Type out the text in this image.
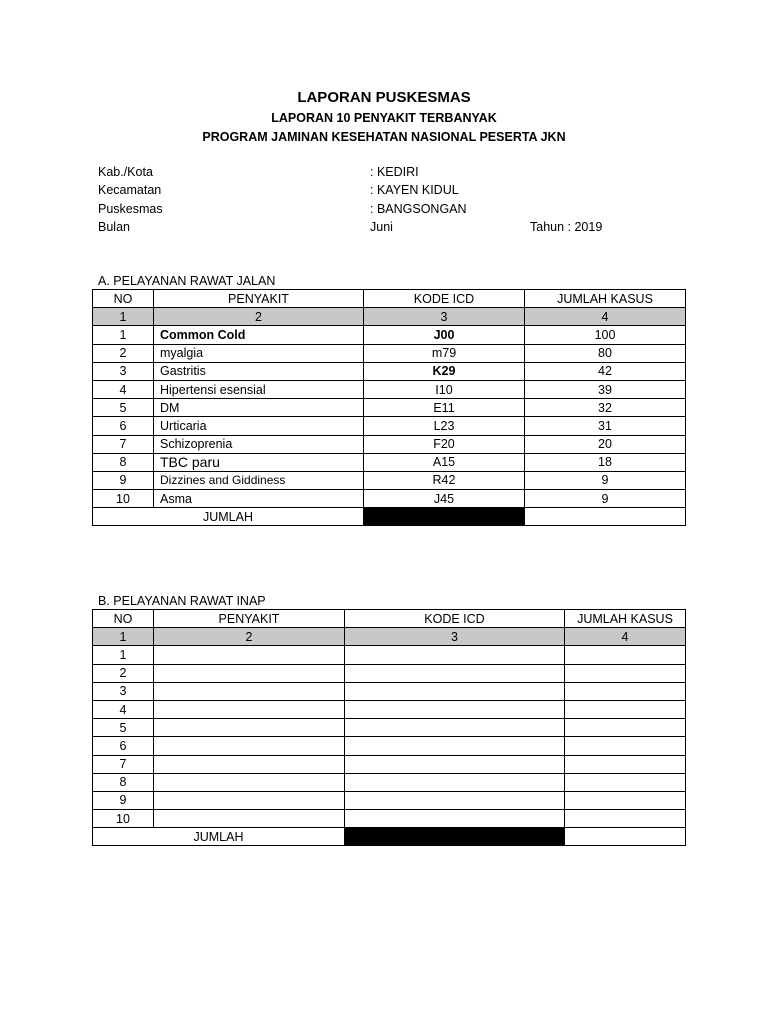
LAPORAN PUSKESMAS
LAPORAN 10 PENYAKIT TERBANYAK
PROGRAM JAMINAN KESEHATAN NASIONAL PESERTA JKN
Kab./Kota	: KEDIRI
Kecamatan	: KAYEN KIDUL
Puskesmas	: BANGSONGAN
Bulan	Juni	Tahun : 2019
A. PELAYANAN RAWAT JALAN
NO	PENYAKIT	KODE ICD	JUMLAH KASUS
1	2	3	4
1	Common Cold	J00	100
2	myalgia	m79	80
3	Gastritis	K29	42
4	Hipertensi esensial	I10	39
5	DM	E11	32
6	Urticaria	L23	31
7	Schizoprenia	F20	20
8	TBC paru	A15	18
9	Dizzines and Giddiness	R42	9
10	Asma	J45	9
JUMLAH			
B. PELAYANAN RAWAT INAP
NO	PENYAKIT	KODE ICD	JUMLAH KASUS
1	2	3	4
1			
2			
3			
4			
5			
6			
7			
8			
9			
10			
JUMLAH			
